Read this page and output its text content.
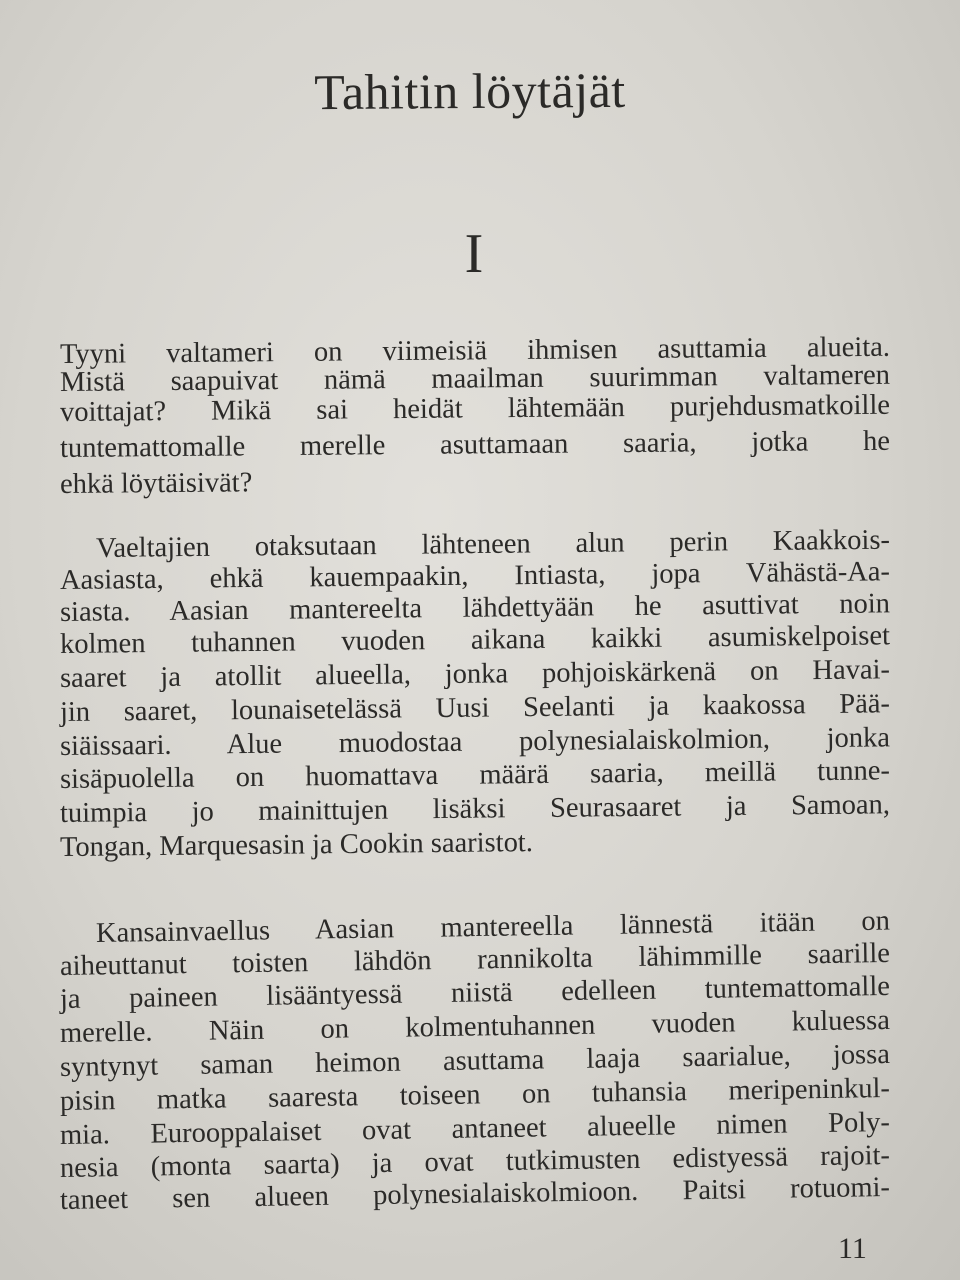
Tahitin löytäjät
I
Tyyni valtameri on viimeisiä ihmisen asuttamia alueita.
Mistä saapuivat nämä maailman suurimman valtameren
voittajat? Mikä sai heidät lähtemään purjehdusmatkoille
tuntemattomalle merelle asuttamaan saaria, jotka he
ehkä löytäisivät?
Vaeltajien otaksutaan lähteneen alun perin Kaakkois-
Aasiasta, ehkä kauempaakin, Intiasta, jopa Vähästä-Aa-
siasta. Aasian mantereelta lähdettyään he asuttivat noin
kolmen tuhannen vuoden aikana kaikki asumiskelpoiset
saaret ja atollit alueella, jonka pohjoiskärkenä on Havai-
jin saaret, lounaisetelässä Uusi Seelanti ja kaakossa Pää-
siäissaari. Alue muodostaa polynesialaiskolmion, jonka
sisäpuolella on huomattava määrä saaria, meillä tunne-
tuimpia jo mainittujen lisäksi Seurasaaret ja Samoan,
Tongan, Marquesasin ja Cookin saaristot.
Kansainvaellus Aasian mantereella lännestä itään on
aiheuttanut toisten lähdön rannikolta lähimmille saarille
ja paineen lisääntyessä niistä edelleen tuntemattomalle
merelle. Näin on kolmentuhannen vuoden kuluessa
syntynyt saman heimon asuttama laaja saarialue, jossa
pisin matka saaresta toiseen on tuhansia meripeninkul-
mia. Eurooppalaiset ovat antaneet alueelle nimen Poly-
nesia (monta saarta) ja ovat tutkimusten edistyessä rajoit-
taneet sen alueen polynesialaiskolmioon. Paitsi rotuomi-
11
